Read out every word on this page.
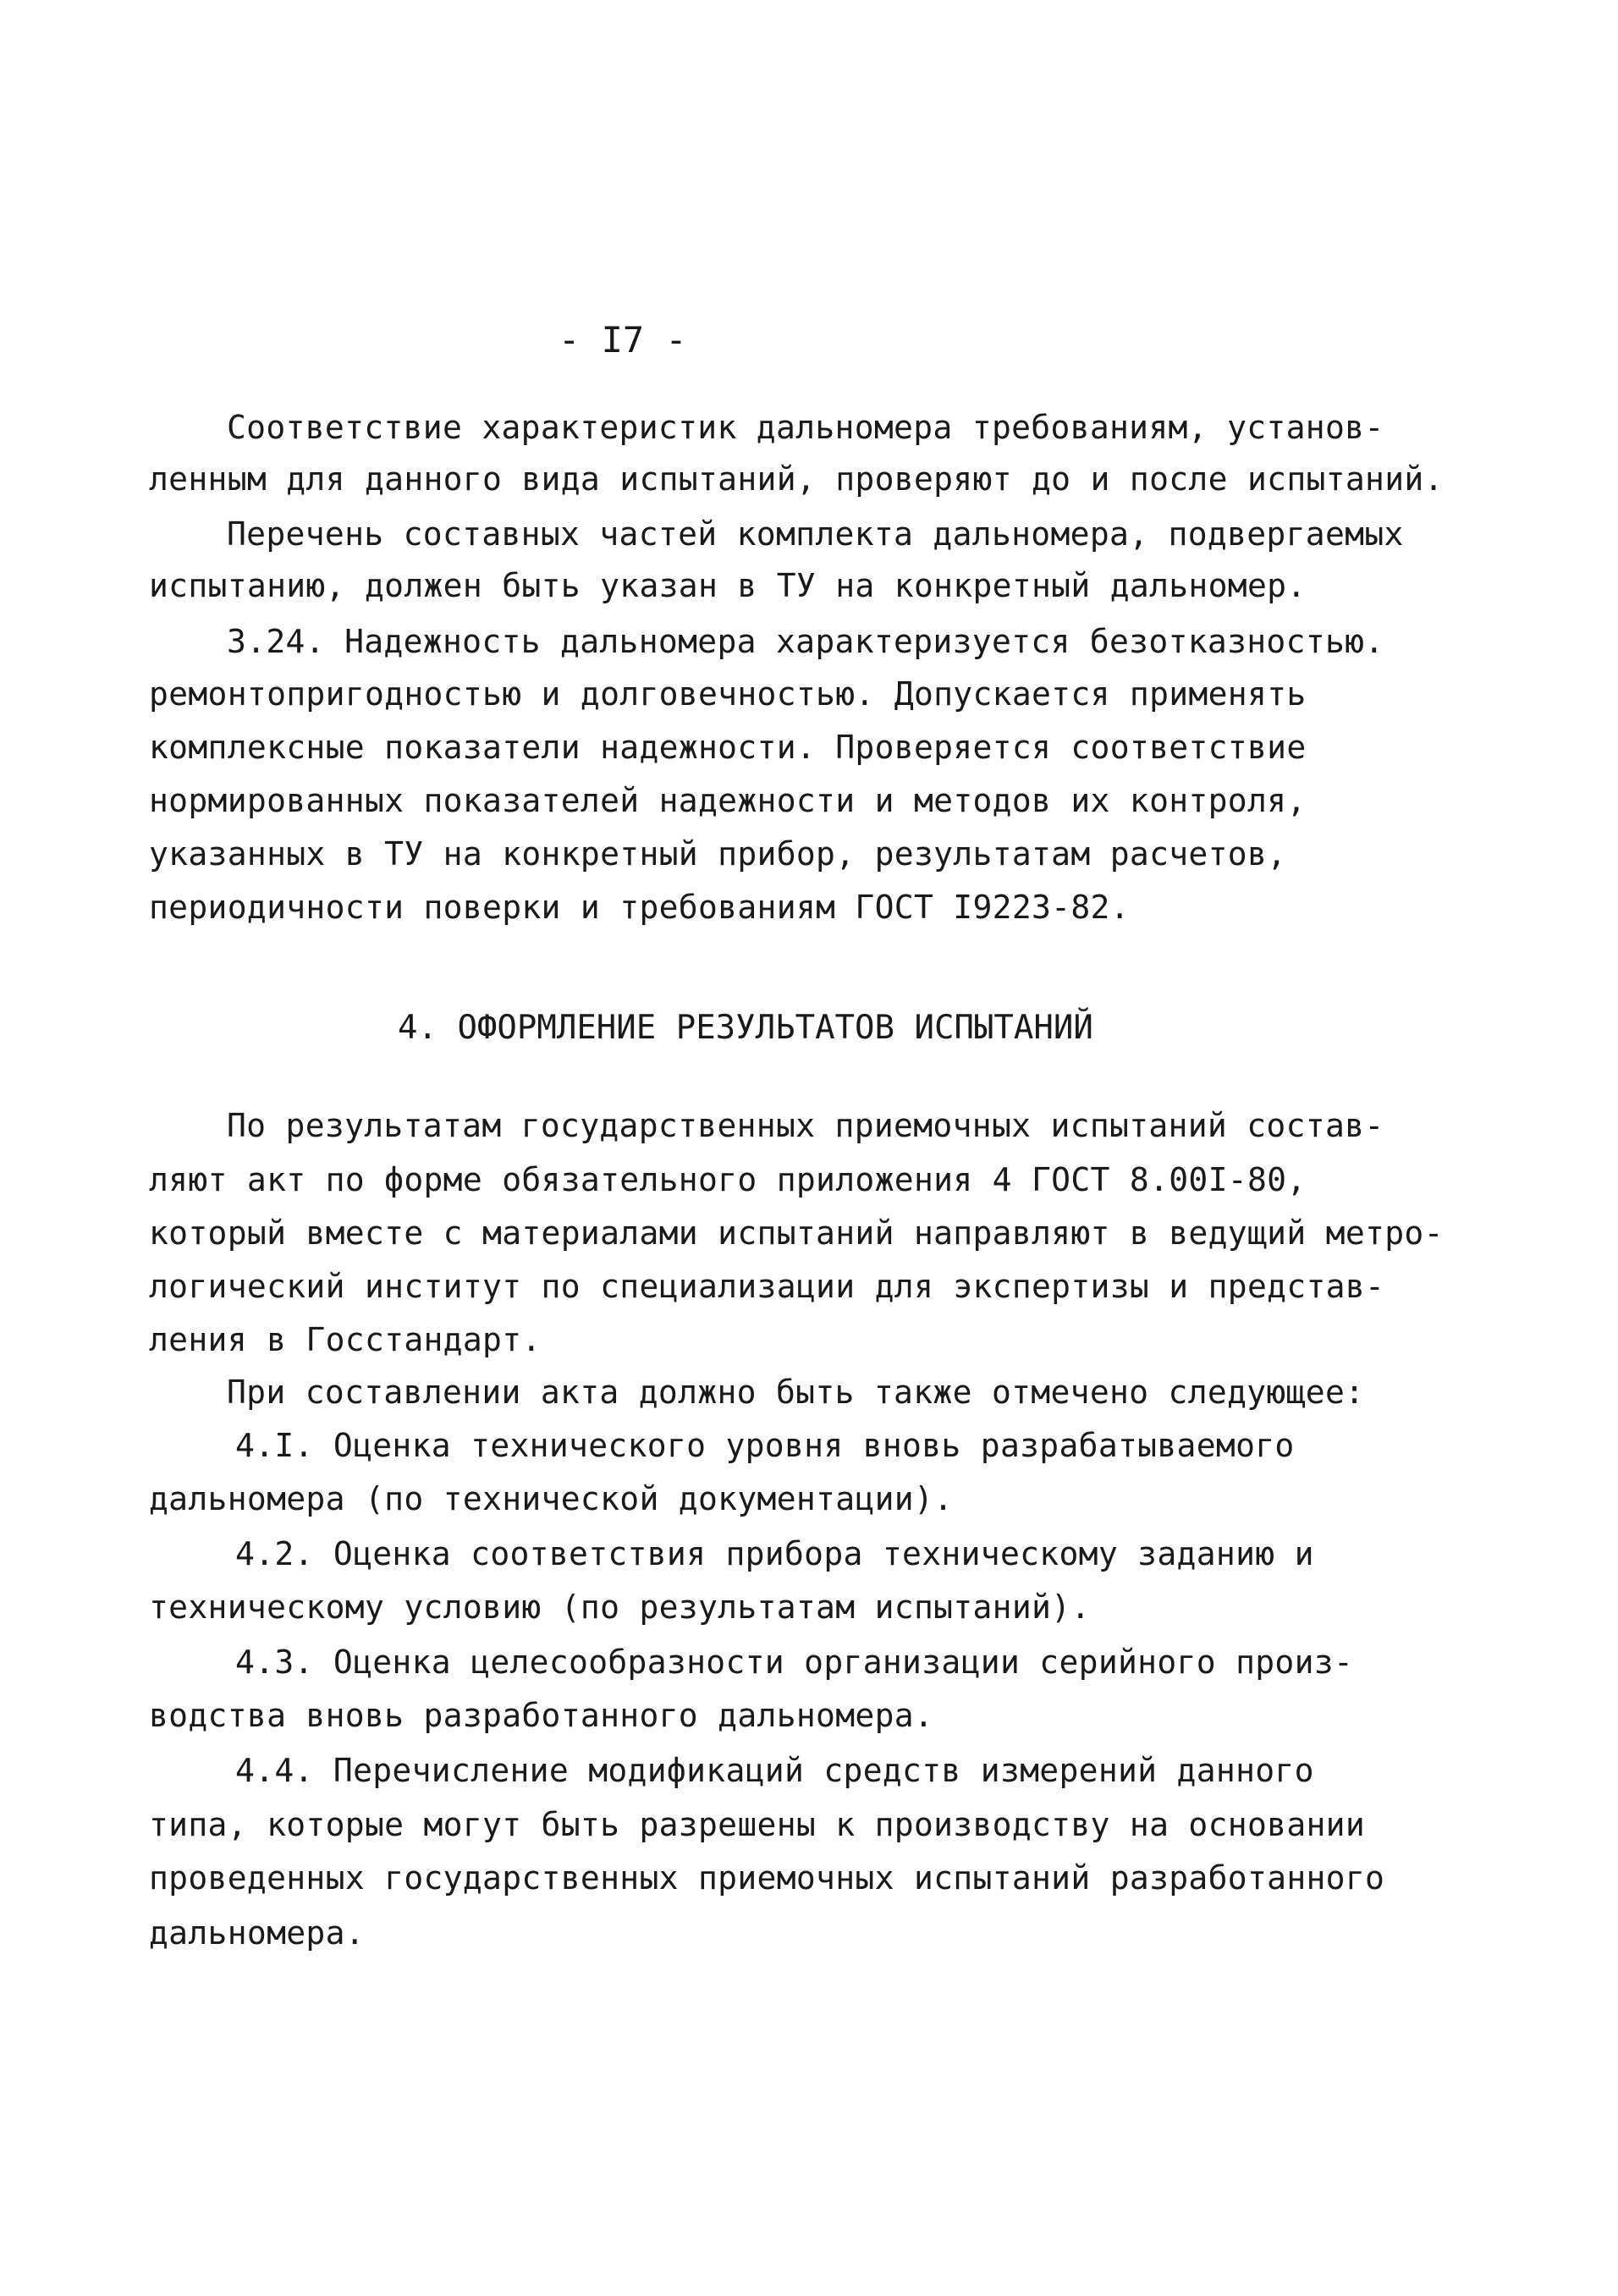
- I7 -
Соответствие характеристик дальномера требованиям, установ-
ленным для данного вида испытаний, проверяют до и после испытаний.
Перечень составных частей комплекта дальномера, подвергаемых
испытанию, должен быть указан в ТУ на конкретный дальномер.
3.24. Надежность дальномера характеризуется безотказностью.
ремонтопригодностью и долговечностью. Допускается применять
комплексные показатели надежности. Проверяется соответствие
нормированных показателей надежности и методов их контроля,
указанных в ТУ на конкретный прибор, результатам расчетов,
периодичности поверки и требованиям ГОСТ I9223-82.
4. ОФОРМЛЕНИЕ РЕЗУЛЬТАТОВ ИСПЫТАНИЙ
По результатам государственных приемочных испытаний состав-
ляют акт по форме обязательного приложения 4 ГОСТ 8.00I-80,
который вместе с материалами испытаний направляют в ведущий метро-
логический институт по специализации для экспертизы и представ-
ления в Госстандарт.
При составлении акта должно быть также отмечено следующее:
4.I. Оценка технического уровня вновь разрабатываемого
дальномера (по технической документации).
4.2. Оценка соответствия прибора техническому заданию и
техническому условию (по результатам испытаний).
4.3. Оценка целесообразности организации серийного произ-
водства вновь разработанного дальномера.
4.4. Перечисление модификаций средств измерений данного
типа, которые могут быть разрешены к производству на основании
проведенных государственных приемочных испытаний разработанного
дальномера.
